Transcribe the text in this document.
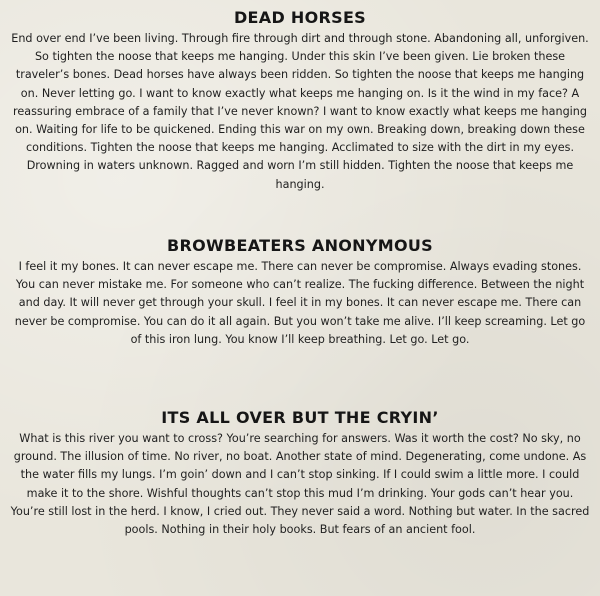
DEAD HORSES

End over end I’ve been living. Through fire through dirt and through stone. Abandoning all, unforgiven. So tighten the noose that keeps me hanging. Under this skin I’ve been given. Lie broken these traveler’s bones. Dead horses have always been ridden. So tighten the noose that keeps me hanging on. Never letting go. I want to know exactly what keeps me hanging on. Is it the wind in my face? A reassuring embrace of a family that I’ve never known? I want to know exactly what keeps me hanging on. Waiting for life to be quickened. Ending this war on my own. Breaking down, breaking down these conditions. Tighten the noose that keeps me hanging. Acclimated to size with the dirt in my eyes. Drowning in waters unknown. Ragged and worn I’m still hidden. Tighten the noose that keeps me hanging.

BROWBEATERS ANONYMOUS

I feel it my bones. It can never escape me. There can never be compromise. Always evading stones. You can never mistake me. For someone who can’t realize. The fucking difference. Between the night and day. It will never get through your skull. I feel it in my bones. It can never escape me. There can never be compromise. You can do it all again. But you won’t take me alive. I’ll keep screaming. Let go of this iron lung. You know I’ll keep breathing. Let go. Let go.

ITS ALL OVER BUT THE CRYIN’

What is this river you want to cross? You’re searching for answers. Was it worth the cost? No sky, no ground. The illusion of time. No river, no boat. Another state of mind. Degenerating, come undone. As the water fills my lungs. I’m goin’ down and I can’t stop sinking. If I could swim a little more. I could make it to the shore. Wishful thoughts can’t stop this mud I’m drinking. Your gods can’t hear you. You’re still lost in the herd. I know, I cried out. They never said a word. Nothing but water. In the sacred pools. Nothing in their holy books. But fears of an ancient fool.
